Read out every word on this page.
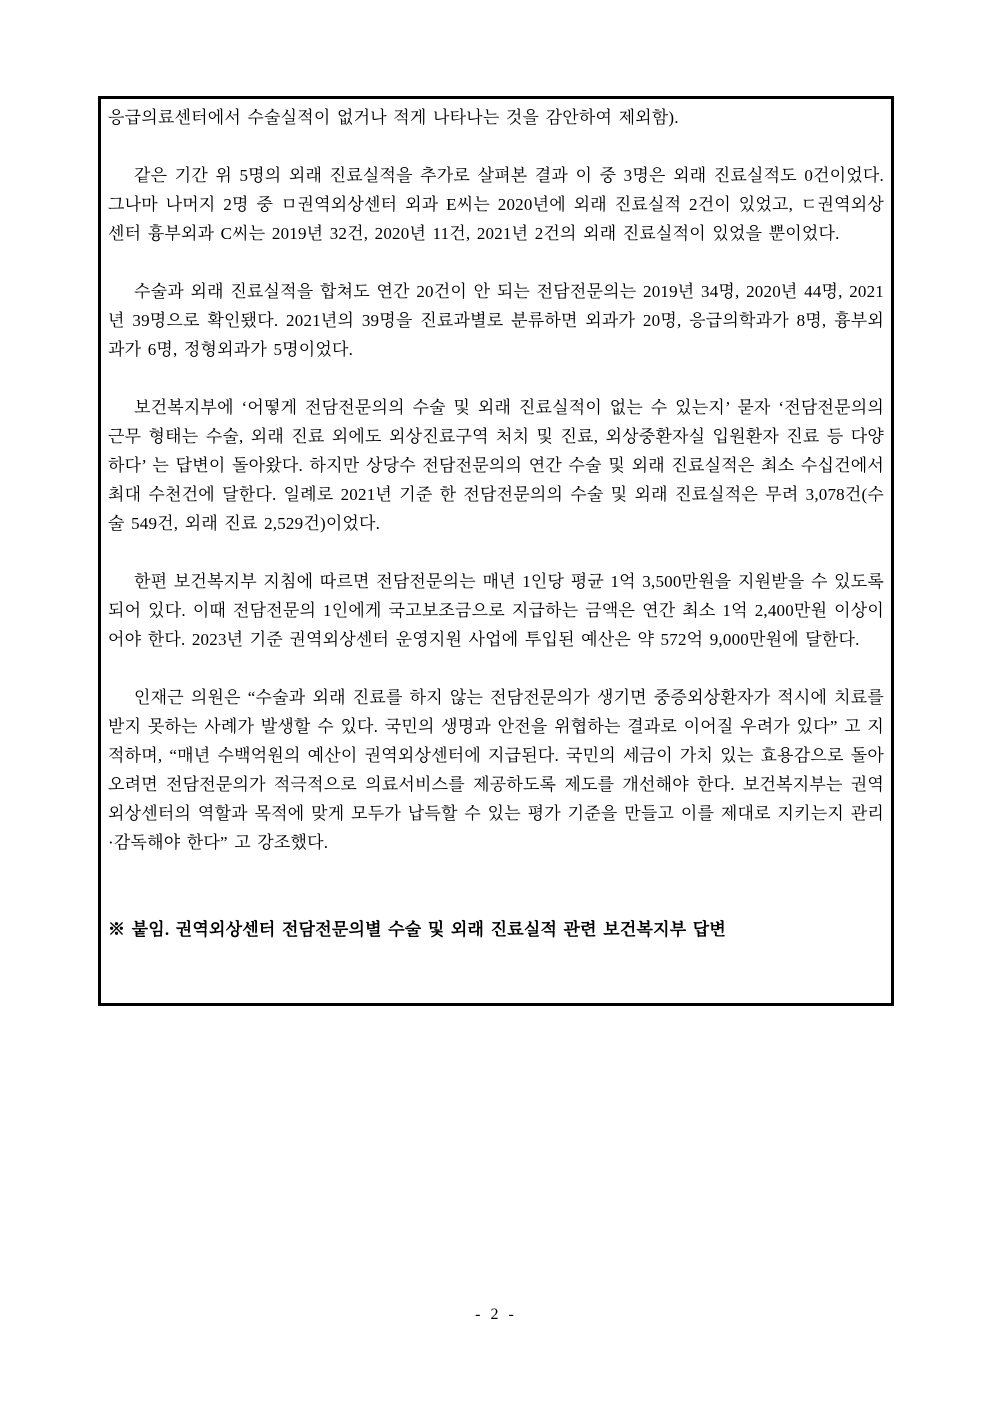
응급의료센터에서 수술실적이 없거나 적게 나타나는 것을 감안하여 제외함).

같은 기간 위 5명의 외래 진료실적을 추가로 살펴본 결과 이 중 3명은 외래 진료실적도 0건이었다. 그나마 나머지 2명 중 ㅁ권역외상센터 외과 E씨는 2020년에 외래 진료실적 2건이 있었고, ㄷ권역외상센터 흉부외과 C씨는 2019년 32건, 2020년 11건, 2021년 2건의 외래 진료실적이 있었을 뿐이었다.

수술과 외래 진료실적을 합쳐도 연간 20건이 안 되는 전담전문의는 2019년 34명, 2020년 44명, 2021년 39명으로 확인됐다. 2021년의 39명을 진료과별로 분류하면 외과가 20명, 응급의학과가 8명, 흉부외과가 6명, 정형외과가 5명이었다.

보건복지부에 ‘어떻게 전담전문의의 수술 및 외래 진료실적이 없는 수 있는지’ 묻자 ‘전담전문의의 근무 형태는 수술, 외래 진료 외에도 외상진료구역 처치 및 진료, 외상중환자실 입원환자 진료 등 다양하다’ 는 답변이 돌아왔다. 하지만 상당수 전담전문의의 연간 수술 및 외래 진료실적은 최소 수십건에서 최대 수천건에 달한다. 일례로 2021년 기준 한 전담전문의의 수술 및 외래 진료실적은 무려 3,078건(수술 549건, 외래 진료 2,529건)이었다.

한편 보건복지부 지침에 따르면 전담전문의는 매년 1인당 평균 1억 3,500만원을 지원받을 수 있도록 되어 있다. 이때 전담전문의 1인에게 국고보조금으로 지급하는 금액은 연간 최소 1억 2,400만원 이상이어야 한다. 2023년 기준 권역외상센터 운영지원 사업에 투입된 예산은 약 572억 9,000만원에 달한다.

인재근 의원은 “수술과 외래 진료를 하지 않는 전담전문의가 생기면 중증외상환자가 적시에 치료를 받지 못하는 사례가 발생할 수 있다. 국민의 생명과 안전을 위협하는 결과로 이어질 우려가 있다” 고 지적하며, “매년 수백억원의 예산이 권역외상센터에 지급된다. 국민의 세금이 가치 있는 효용감으로 돌아오려면 전담전문의가 적극적으로 의료서비스를 제공하도록 제도를 개선해야 한다. 보건복지부는 권역외상센터의 역할과 목적에 맞게 모두가 납득할 수 있는 평가 기준을 만들고 이를 제대로 지키는지 관리·감독해야 한다” 고 강조했다.

※ 붙임. 권역외상센터 전담전문의별 수술 및 외래 진료실적 관련 보건복지부 답변

- 2 -
